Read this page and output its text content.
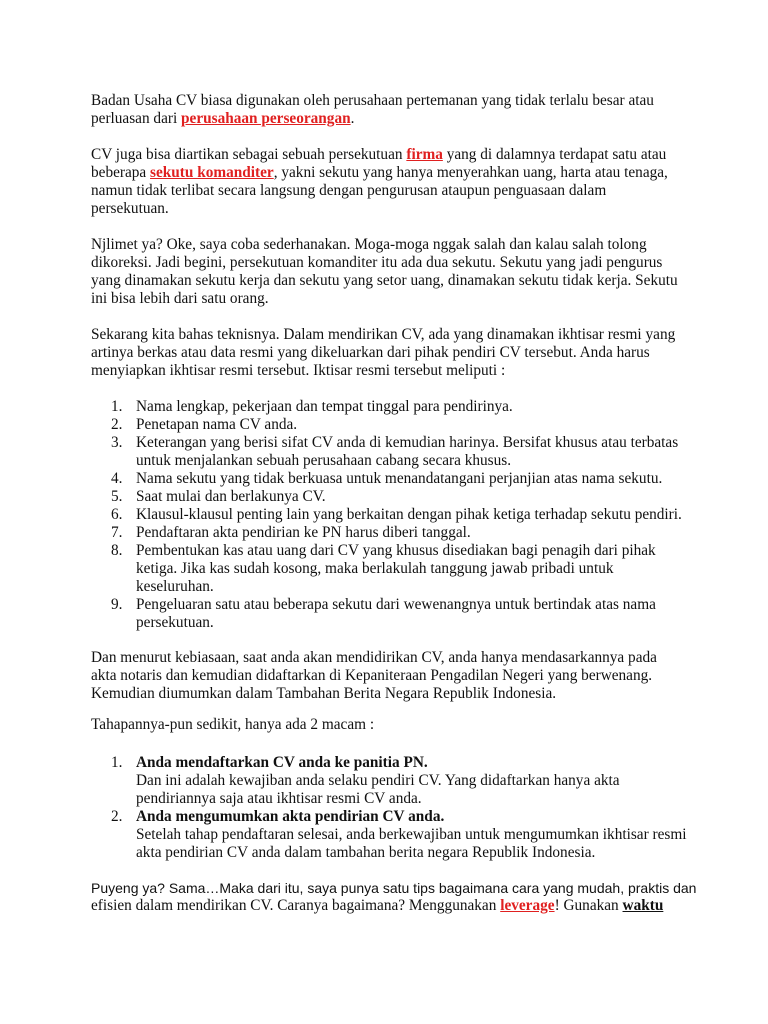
Badan Usaha CV biasa digunakan oleh perusahaan pertemanan yang tidak terlalu besar atau
perluasan dari perusahaan perseorangan.

CV juga bisa diartikan sebagai sebuah persekutuan firma yang di dalamnya terdapat satu atau
beberapa sekutu komanditer, yakni sekutu yang hanya menyerahkan uang, harta atau tenaga,
namun tidak terlibat secara langsung dengan pengurusan ataupun penguasaan dalam
persekutuan.

Njlimet ya? Oke, saya coba sederhanakan. Moga-moga nggak salah dan kalau salah tolong
dikoreksi. Jadi begini, persekutuan komanditer itu ada dua sekutu. Sekutu yang jadi pengurus
yang dinamakan sekutu kerja dan sekutu yang setor uang, dinamakan sekutu tidak kerja. Sekutu
ini bisa lebih dari satu orang.

Sekarang kita bahas teknisnya. Dalam mendirikan CV, ada yang dinamakan ikhtisar resmi yang
artinya berkas atau data resmi yang dikeluarkan dari pihak pendiri CV tersebut. Anda harus
menyiapkan ikhtisar resmi tersebut. Iktisar resmi tersebut meliputi :

1. Nama lengkap, pekerjaan dan tempat tinggal para pendirinya.
2. Penetapan nama CV anda.
3. Keterangan yang berisi sifat CV anda di kemudian harinya. Bersifat khusus atau terbatas
untuk menjalankan sebuah perusahaan cabang secara khusus.
4. Nama sekutu yang tidak berkuasa untuk menandatangani perjanjian atas nama sekutu.
5. Saat mulai dan berlakunya CV.
6. Klausul-klausul penting lain yang berkaitan dengan pihak ketiga terhadap sekutu pendiri.
7. Pendaftaran akta pendirian ke PN harus diberi tanggal.
8. Pembentukan kas atau uang dari CV yang khusus disediakan bagi penagih dari pihak
ketiga. Jika kas sudah kosong, maka berlakulah tanggung jawab pribadi untuk
keseluruhan.
9. Pengeluaran satu atau beberapa sekutu dari wewenangnya untuk bertindak atas nama
persekutuan.

Dan menurut kebiasaan, saat anda akan mendidirikan CV, anda hanya mendasarkannya pada
akta notaris dan kemudian didaftarkan di Kepaniteraan Pengadilan Negeri yang berwenang.
Kemudian diumumkan dalam Tambahan Berita Negara Republik Indonesia.

Tahapannya-pun sedikit, hanya ada 2 macam :

1. Anda mendaftarkan CV anda ke panitia PN.
Dan ini adalah kewajiban anda selaku pendiri CV. Yang didaftarkan hanya akta
pendiriannya saja atau ikhtisar resmi CV anda.
2. Anda mengumumkan akta pendirian CV anda.
Setelah tahap pendaftaran selesai, anda berkewajiban untuk mengumumkan ikhtisar resmi
akta pendirian CV anda dalam tambahan berita negara Republik Indonesia.

Puyeng ya? Sama…Maka dari itu, saya punya satu tips bagaimana cara yang mudah, praktis dan
efisien dalam mendirikan CV. Caranya bagaimana? Menggunakan leverage! Gunakan waktu
